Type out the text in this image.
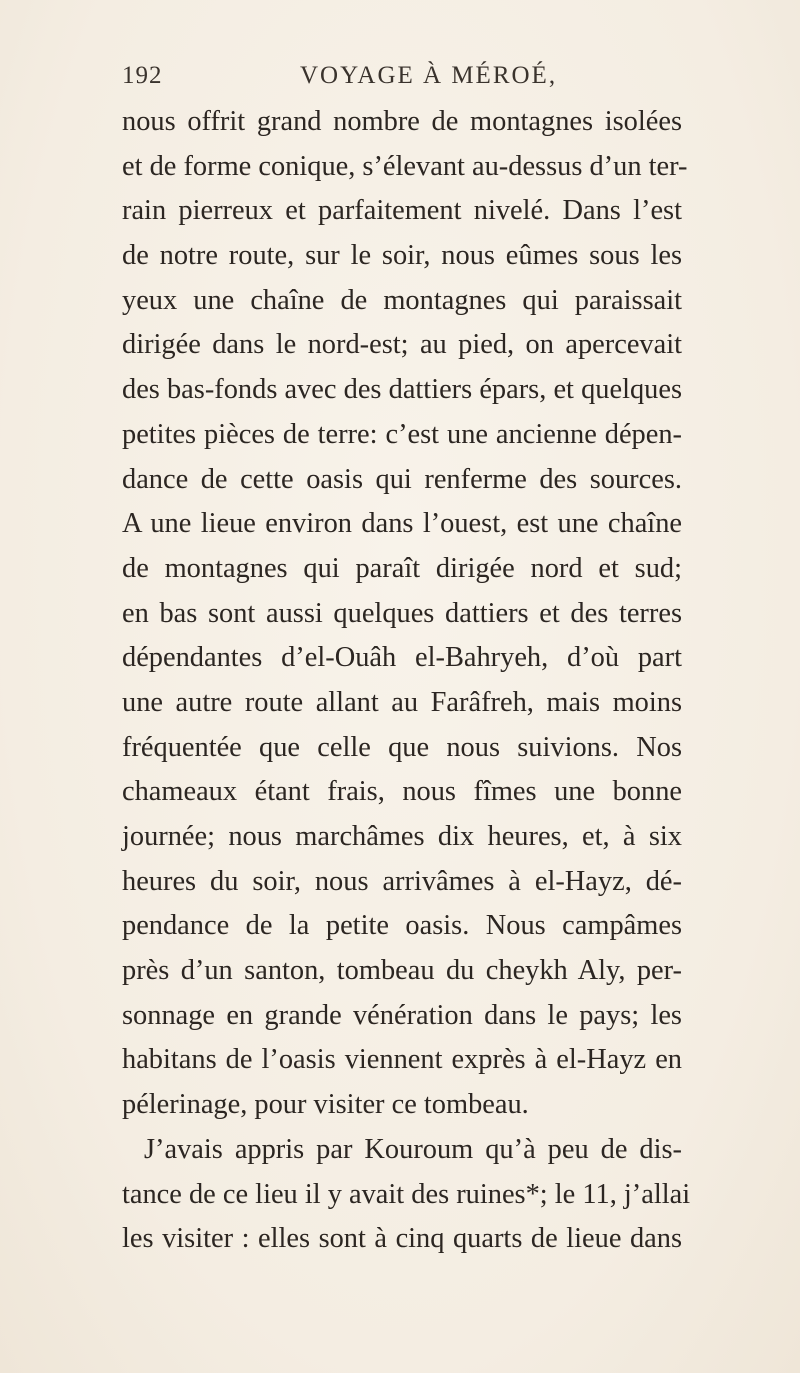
192	VOYAGE À MÉROÉ,
nous offrit grand nombre de montagnes isolées
et de forme conique, s’élevant au-dessus d’un ter-
rain pierreux et parfaitement nivelé. Dans l’est
de notre route, sur le soir, nous eûmes sous les
yeux une chaîne de montagnes qui paraissait
dirigée dans le nord-est; au pied, on apercevait
des bas-fonds avec des dattiers épars, et quelques
petites pièces de terre: c’est une ancienne dépen-
dance de cette oasis qui renferme des sources.
A une lieue environ dans l’ouest, est une chaîne
de montagnes qui paraît dirigée nord et sud;
en bas sont aussi quelques dattiers et des terres
dépendantes d’el-Ouâh el-Bahryeh, d’où part
une autre route allant au Farâfreh, mais moins
fréquentée que celle que nous suivions. Nos
chameaux étant frais, nous fîmes une bonne
journée; nous marchâmes dix heures, et, à six
heures du soir, nous arrivâmes à el-Hayz, dé-
pendance de la petite oasis. Nous campâmes
près d’un santon, tombeau du cheykh Aly, per-
sonnage en grande vénération dans le pays; les
habitans de l’oasis viennent exprès à el-Hayz en
pélerinage, pour visiter ce tombeau.
J’avais appris par Kouroum qu’à peu de dis-
tance de ce lieu il y avait des ruines*; le 11, j’allai
les visiter : elles sont à cinq quarts de lieue dans
